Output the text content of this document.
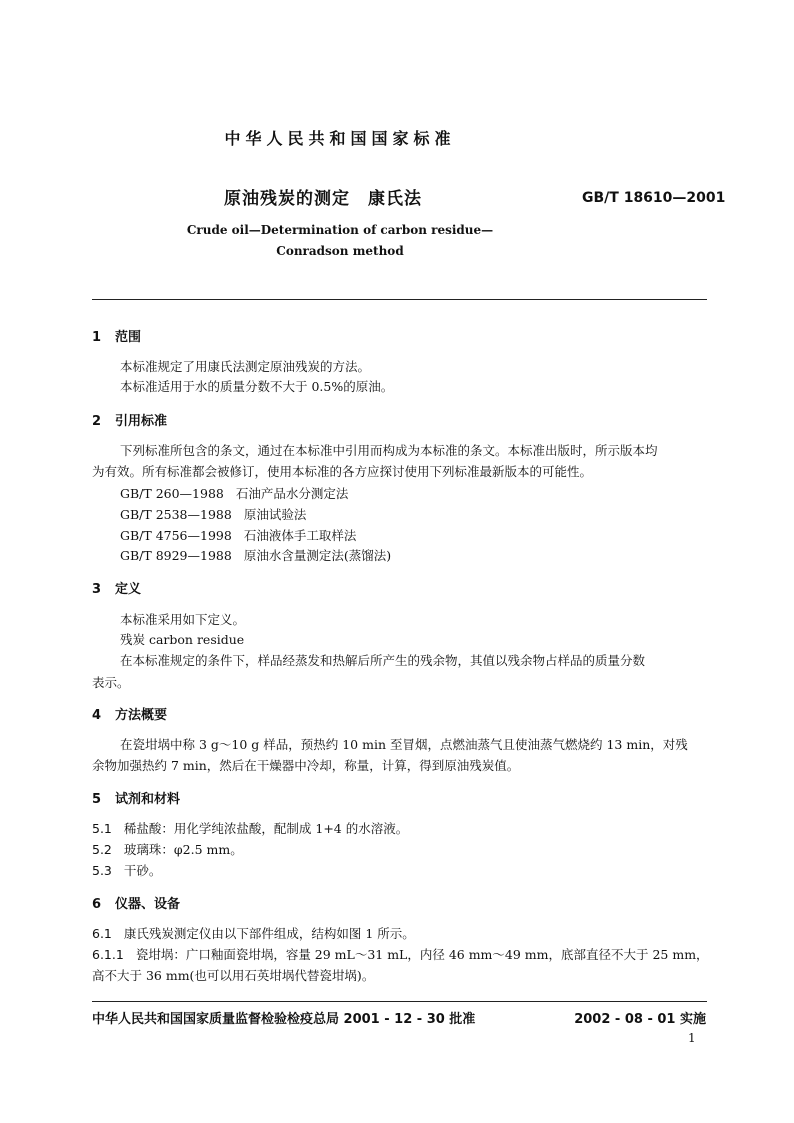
中华人民共和国国家标准
原油残炭的测定　康氏法	GB/T 18610—2001
Crude oil—Determination of carbon residue—
Conradson method
1 范围
本标准规定了用康氏法测定原油残炭的方法。
本标准适用于水的质量分数不大于 0.5%的原油。
2 引用标准
下列标准所包含的条文，通过在本标准中引用而构成为本标准的条文。本标准出版时，所示版本均
为有效。所有标准都会被修订，使用本标准的各方应探讨使用下列标准最新版本的可能性。
GB/T 260—1988 石油产品水分测定法
GB/T 2538—1988 原油试验法
GB/T 4756—1998 石油液体手工取样法
GB/T 8929—1988 原油水含量测定法(蒸馏法)
3 定义
本标准采用如下定义。
残炭 carbon residue
在本标准规定的条件下，样品经蒸发和热解后所产生的残余物，其值以残余物占样品的质量分数
表示。
4 方法概要
在瓷坩埚中称 3 g～10 g 样品，预热约 10 min 至冒烟，点燃油蒸气且使油蒸气燃烧约 13 min，对残
余物加强热约 7 min，然后在干燥器中冷却，称量，计算，得到原油残炭值。
5 试剂和材料
5.1 稀盐酸：用化学纯浓盐酸，配制成 1+4 的水溶液。
5.2 玻璃珠：φ2.5 mm。
5.3 干砂。
6 仪器、设备
6.1 康氏残炭测定仪由以下部件组成，结构如图 1 所示。
6.1.1 瓷坩埚：广口釉面瓷坩埚，容量 29 mL～31 mL，内径 46 mm～49 mm，底部直径不大于 25 mm，
高不大于 36 mm(也可以用石英坩埚代替瓷坩埚)。
中华人民共和国国家质量监督检验检疫总局 2001 - 12 - 30 批准	2002 - 08 - 01 实施
1
